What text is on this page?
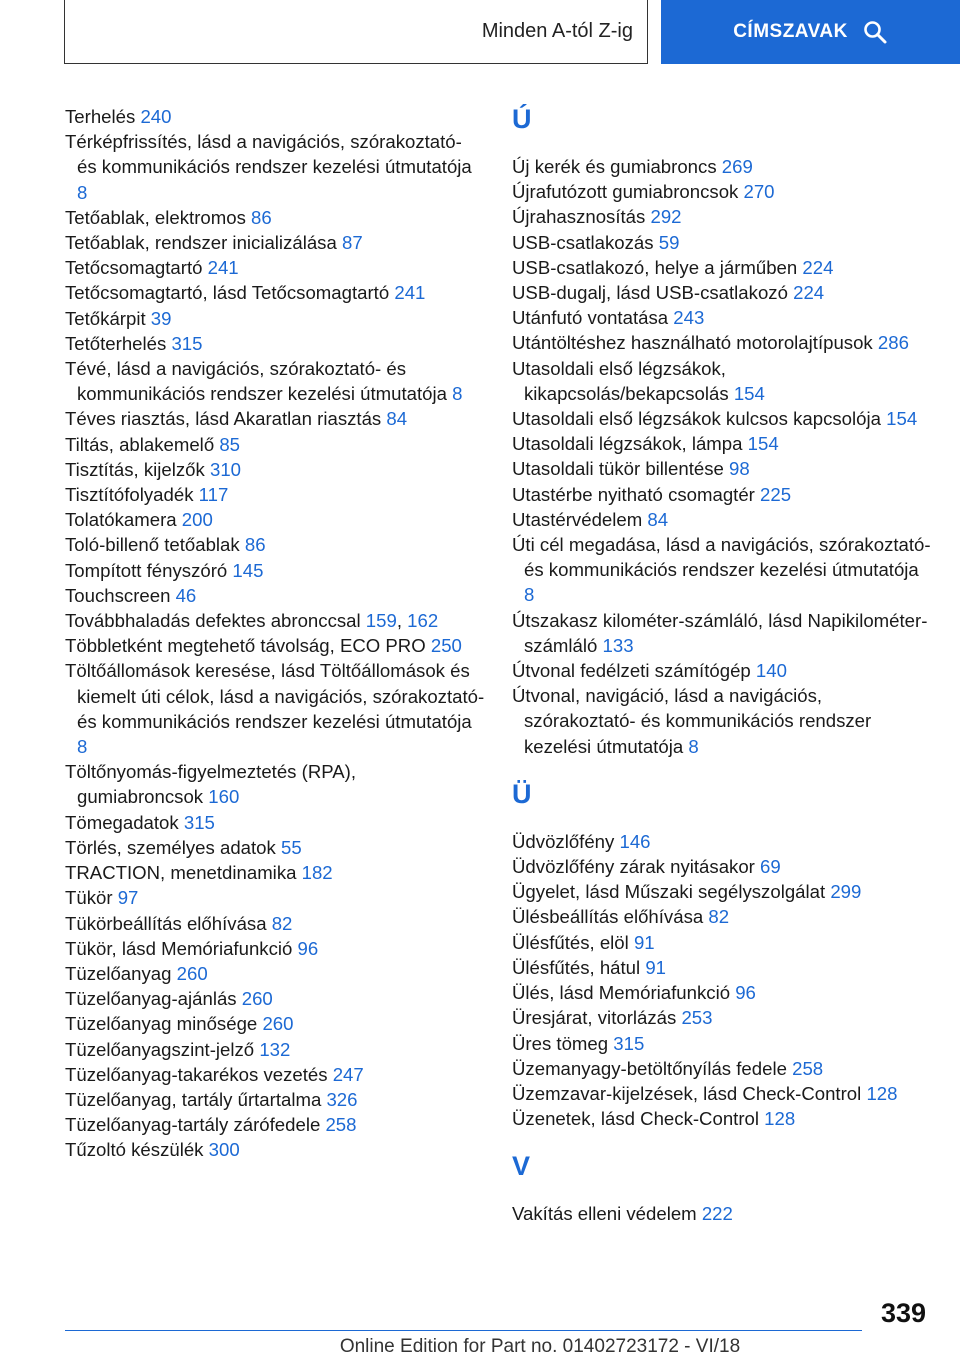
Minden A-tól Z-ig	CÍMSZAVAK
Terhelés 240
Térképfrissítés, lásd a navigációs, szórakoztató- és kommunikációs rendszer kezelési útmutatója 8
Tetőablak, elektromos 86
Tetőablak, rendszer inicializálása 87
Tetőcsomagtartó 241
Tetőcsomagtartó, lásd Tetőcsomagtartó 241
Tetőkárpit 39
Tetőterhelés 315
Tévé, lásd a navigációs, szórakoztató- és kommunikációs rendszer kezelési útmutatója 8
Téves riasztás, lásd Akaratlan riasztás 84
Tiltás, ablakemelő 85
Tisztítás, kijelzők 310
Tisztítófolyadék 117
Tolatókamera 200
Toló-billenő tetőablak 86
Tompított fényszóró 145
Touchscreen 46
Továbbhaladás defektes abronccsal 159, 162
Többletként megtehető távolság, ECO PRO 250
Töltőállomások keresése, lásd Töltőállomások és kiemelt úti célok, lásd a navigációs, szórakoztató- és kommunikációs rendszer kezelési útmutatója 8
Töltőnyomás-figyelmeztetés (RPA), gumiabroncsok 160
Tömegadatok 315
Törlés, személyes adatok 55
TRACTION, menetdinamika 182
Tükör 97
Tükörbeállítás előhívása 82
Tükör, lásd Memóriafunkció 96
Tüzelőanyag 260
Tüzelőanyag-ajánlás 260
Tüzelőanyag minősége 260
Tüzelőanyagszint-jelző 132
Tüzelőanyag-takarékos vezetés 247
Tüzelőanyag, tartály űrtartalma 326
Tüzelőanyag-tartály zárófedele 258
Tűzoltó készülék 300
Ú
Új kerék és gumiabroncs 269
Újrafutózott gumiabroncsok 270
Újrahasznosítás 292
USB-csatlakozás 59
USB-csatlakozó, helye a járműben 224
USB-dugalj, lásd USB-csatlakozó 224
Utánfutó vontatása 243
Utántöltéshez használható motorolajtípusok 286
Utasoldali első légzsákok, kikapcsolás/bekapcsolás 154
Utasoldali első légzsákok kulcsos kapcsolója 154
Utasoldali légzsákok, lámpa 154
Utasoldali tükör billentése 98
Utastérbe nyitható csomagtér 225
Utastérvédelem 84
Úti cél megadása, lásd a navigációs, szórakoztató- és kommunikációs rendszer kezelési útmutatója 8
Útszakasz kilométer-számláló, lásd Napikilométer-számláló 133
Útvonal fedélzeti számítógép 140
Útvonal, navigáció, lásd a navigációs, szórakoztató- és kommunikációs rendszer kezelési útmutatója 8
Ü
Üdvözlőfény 146
Üdvözlőfény zárak nyitásakor 69
Ügyelet, lásd Műszaki segélyszolgálat 299
Ülésbeállítás előhívása 82
Ülésfűtés, elöl 91
Ülésfűtés, hátul 91
Ülés, lásd Memóriafunkció 96
Üresjárat, vitorlázás 253
Üres tömeg 315
Üzemanyagy-betöltőnyílás fedele 258
Üzemzavar-kijelzések, lásd Check-Control 128
Üzenetek, lásd Check-Control 128
V
Vakítás elleni védelem 222
339
Online Edition for Part no. 01402723172 - VI/18
